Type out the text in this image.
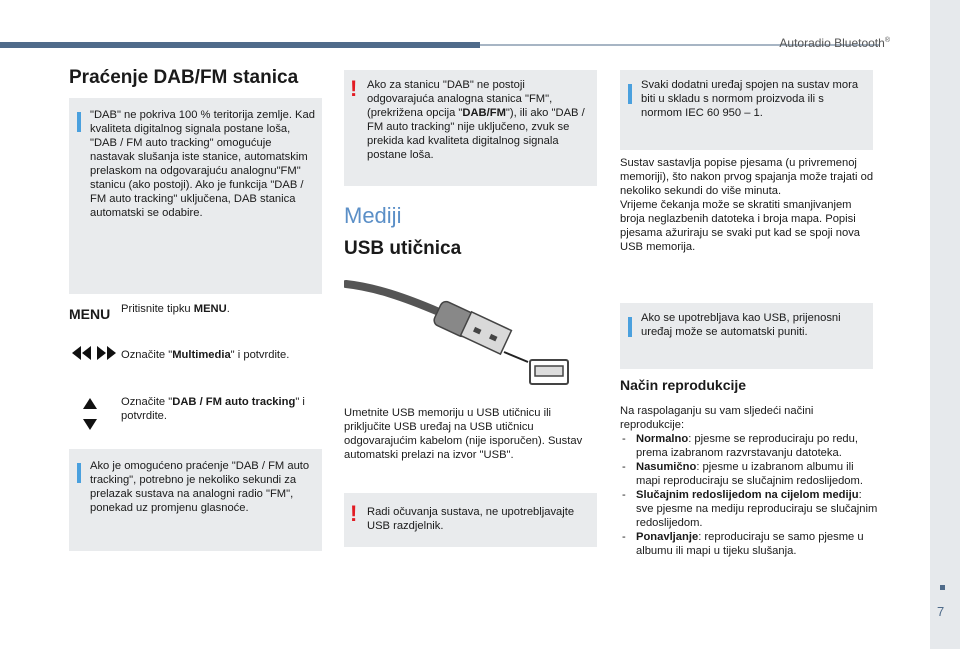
Autoradio Bluetooth®
7
Praćenje DAB/FM stanica

"DAB" ne pokriva 100 % teritorija zemlje. Kad kvaliteta digitalnog signala postane loša, "DAB / FM auto tracking" omogućuje nastavak slušanja iste stanice, automatskim prelaskom na odgovarajuću analognu"FM" stanicu (ako postoji). Ako je funkcija "DAB / FM auto tracking" uključena, DAB stanica automatski se odabire.

MENU Pritisnite tipku MENU.
Označite "Multimedia" i potvrdite.
Označite "DAB / FM auto tracking" i potvrdite.

Ako je omogućeno praćenje "DAB / FM auto tracking", potrebno je nekoliko sekundi za prelazak sustava na analogni radio "FM", ponekad uz promjenu glasnoće.

! Ako za stanicu "DAB" ne postoji odgovarajuća analogna stanica "FM", (prekrižena opcija "DAB/FM"), ili ako "DAB / FM auto tracking" nije uključeno, zvuk se prekida kad kvaliteta digitalnog signala postane loša.

Mediji
USB utičnica
Umetnite USB memoriju u USB utičnicu ili priključite USB uređaj na USB utičnicu odgovarajućim kabelom (nije isporučen). Sustav automatski prelazi na izvor "USB".
! Radi očuvanja sustava, ne upotrebljavajte USB razdjelnik.

Svaki dodatni uređaj spojen na sustav mora biti u skladu s normom proizvoda ili s normom IEC 60 950 – 1.

Sustav sastavlja popise pjesama (u privremenoj memoriji), što nakon prvog spajanja može trajati od nekoliko sekundi do više minuta.

Vrijeme čekanja može se skratiti smanjivanjem broja neglazbenih datoteka i broja mapa. Popisi pjesama ažuriraju se svaki put kad se spoji nova USB memorija.

Ako se upotrebljava kao USB, prijenosni uređaj može se automatski puniti.

Način reprodukcije

Na raspolaganju su vam sljedeći načini reprodukcije:

- Normalno: pjesme se reproduciraju po redu, prema izabranom razvrstavanju datoteka.
- Nasumično: pjesme u izabranom albumu ili mapi reproduciraju se slučajnim redoslijedom.
- Slučajnim redoslijedom na cijelom mediju: sve pjesme na mediju reproduciraju se slučajnim redoslijedom.
- Ponavljanje: reproduciraju se samo pjesme u albumu ili mapi u tijeku slušanja.
